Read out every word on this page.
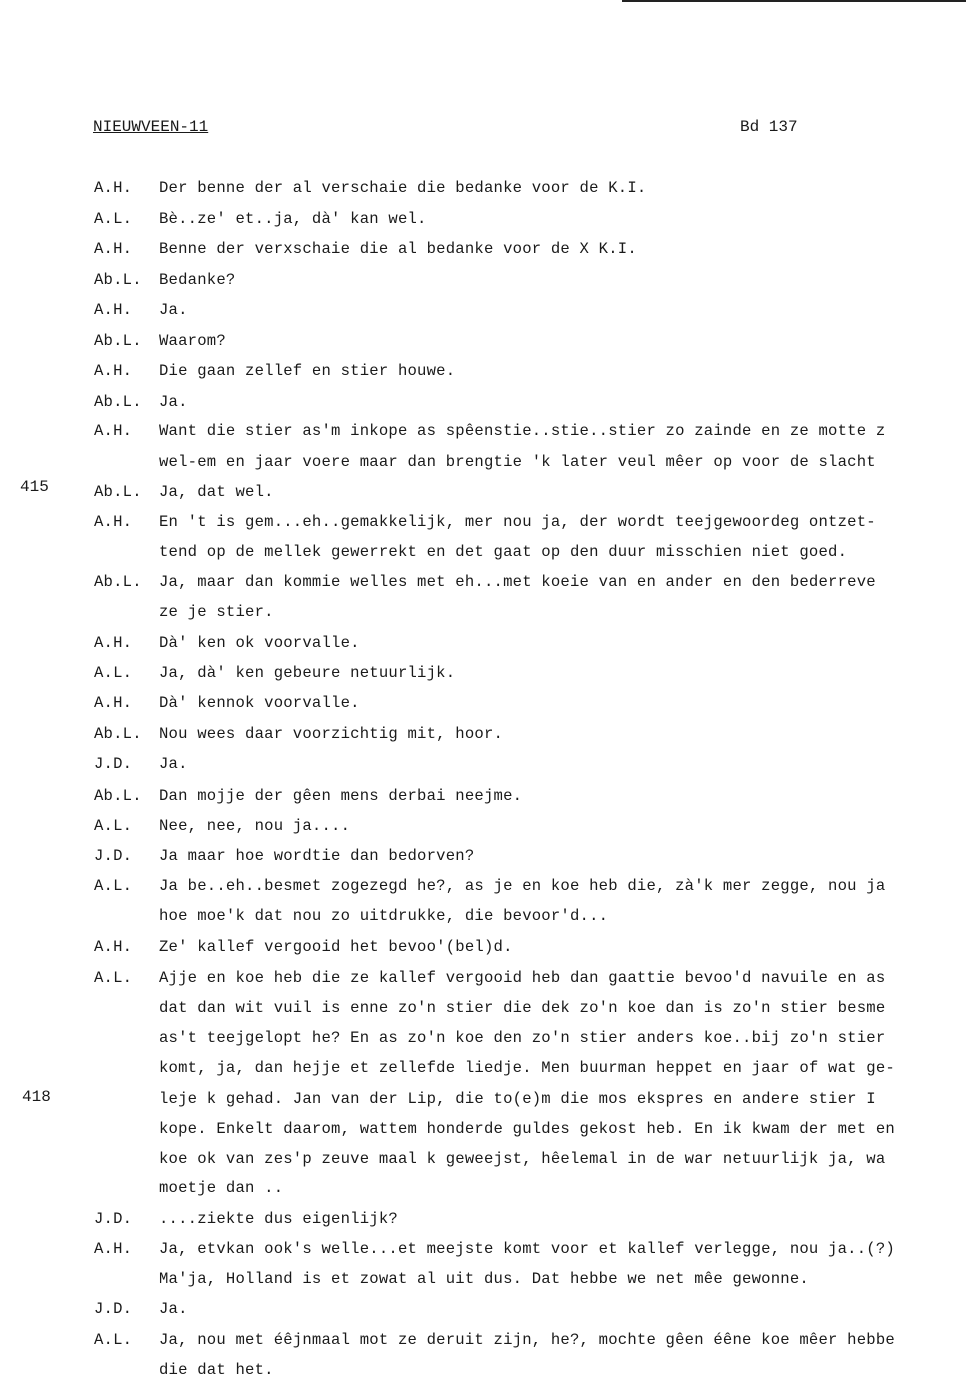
NIEUWVEEN-11	Bd 137
415
418
A.H. Der benne der al verschaie die bedanke voor de K.I.
A.L. Bè..ze' et..ja, dà' kan wel.
A.H. Benne der verxschaie die al bedanke voor de X K.I.
Ab.L. Bedanke?
A.H. Ja.
Ab.L. Waarom?
A.H. Die gaan zellef en stier houwe.
Ab.L. Ja.
A.H. Want die stier as'm inkope as spêenstie..stie..stier zo zainde en ze motte z
wel-em en jaar voere maar dan brengtie 'k later veul mêer op voor de slacht
Ab.L. Ja, dat wel.
A.H. En 't is gem...eh..gemakkelijk, mer nou ja, der wordt teejgewoordeg ontzet-
tend op de mellek gewerrekt en det gaat op den duur misschien niet goed.
Ab.L. Ja, maar dan kommie welles met eh...met koeie van en ander en den bederreve
ze je stier.
A.H. Dà' ken ok voorvalle.
A.L. Ja, dà' ken gebeure netuurlijk.
A.H. Dà' kennok voorvalle.
Ab.L. Nou wees daar voorzichtig mit, hoor.
J.D. Ja.
Ab.L. Dan mojje der gêen mens derbai neejme.
A.L. Nee, nee, nou ja....
J.D. Ja maar hoe wordtie dan bedorven?
A.L. Ja be..eh..besmet zogezegd he?, as je en koe heb die, zà'k mer zegge, nou ja
hoe moe'k dat nou zo uitdrukke, die bevoor'd...
A.H. Ze' kallef vergooid het bevoo'(bel)d.
A.L. Ajje en koe heb die ze kallef vergooid heb dan gaattie bevoo'd navuile en as
dat dan wit vuil is enne zo'n stier die dek zo'n koe dan is zo'n stier besme
as't teejgelopt he? En as zo'n koe den zo'n stier anders koe..bij zo'n stier
komt, ja, dan hejje et zellefde liedje. Men buurman heppet en jaar of wat ge-
leje k gehad. Jan van der Lip, die to(e)m die mos ekspres en andere stier I
kope. Enkelt daarom, wattem honderde guldes gekost heb. En ik kwam der met en
koe ok van zes'p zeuve maal k geweejst, hêelemal in de war netuurlijk ja, wa
moetje dan ..
J.D. ....ziekte dus eigenlijk?
A.H. Ja, etvkan ook's welle...et meejste komt voor et kallef verlegge, nou ja..(?)
Ma'ja, Holland is et zowat al uit dus. Dat hebbe we net mêe gewonne.
J.D. Ja.
A.L. Ja, nou met éêjnmaal mot ze deruit zijn, he?, mochte gêen éêne koe mêer hebbe
die dat het.
